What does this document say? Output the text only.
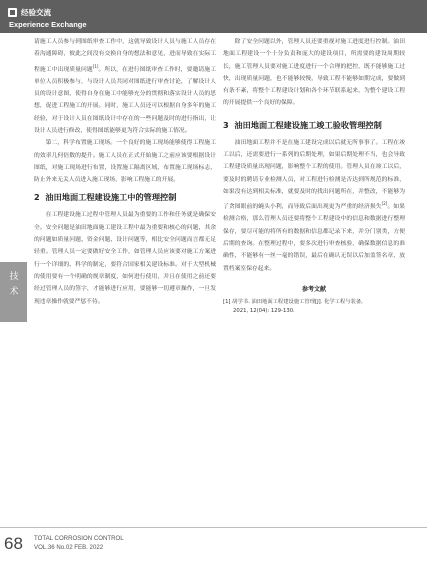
经验交流
Experience Exchange
技
术

请施工人员参与到图纸审查工作中，这就导致设计人员与施工人员存在着沟通障碍，彼此之间没有交换自身的想法和意见，进而导致在实际工程施工中出现质量问题[1]。所以，在进行图纸审查工作时，要邀请施工单位人员积极参与，与设计人员共同对图纸进行审查讨论，了解设计人员的设计意图，使得自身在施工中能够充分的贯彻和落实设计人员的思想，促进工程施工的开展。同时，施工人员还可以根据自身多年的施工经验，对于设计人员在图纸设计中存在的一些问题及时的进行指出，让设计人员进行修改，使得图纸能够更为符合实际的施工情况。

第二，科学布置施工现场。一个良好的施工现场能够使得工程施工的效率几何倍数的提升。施工人员在正式开始施工之前应该要根据设计图纸，对施工现场进行布置，设置施工隔离区域，布置施工现场标志，防止外来无关人员进入施工现场，影响工程施工的开展。

2 油田地面工程建设施工中的管理控制

在工程建设施工过程中管理人员最为重要的工作和任务就是确保安全。安全问题是油田地面施工建设工程中最为重要和核心的问题，其余的问题如质量问题、资金问题、设计问题等，相比安全问题而言都无足轻重。管理人员一定要做好安全工作，如管理人员应该要对施工方案进行一个详细的、科学的制定，要符合国家相关建设标准。对于大型机械的使用要有一个明确的规章制度，如何进行使用，并且在使用之前还要经过管理人员的签字，才能够进行应用，要能够一切遵章操作，一旦发现违章操作就要严惩不待。

除了安全问题以外，管理人员还要重视对施工进度进行控制。油田地面工程建设一个十分负责和庞大的建设项目，所需要的建设周期较长，施工管理人员要对施工进度进行一个合理的把控，既不能够施工过快，出现质量问题，也不能够较慢，导致工程不能够如期完成，要做到有条不紊，将整个工程建设计划和各个环节联系起来，为整个建设工程的开展提供一个良好的保障。

3 油田地面工程建设施工竣工验收管理控制

油田地面工程并不是在施工建设完成以后就无所事事了。工程在竣工以后，还需要进行一系列的后期处理，如果后期处理不当，也会导致工程建设质量出现问题，影响整个工程的使用。管理人员在竣工以后，要及时的聘请专业检测人员，对工程进行检测是否达到所规范的标准，如果没有达到相关标准，就要及时的找出问题所在，并整改，不能够为了贪图眼前的蝇头小利，而导致后面出现更为严重的经济损失[2]。如果检测合格，那么管理人员还要将整个工程建设中的信息和数据进行整理保存，要尽可能的将所有的数据和信息都记录下来，并分门别类，方便后期的查询。在整理过程中，要多次进行审查核验，确保数据信息的准确性，不能够有一丝一毫的错误，最后在确认无误以后加盖签名章，放置档案室保存起来。

参考文献
[1] 胡学书. 油田地面工程建设施工管理[J]. 化学工程与装备,
2021, 12(04): 129-130.
68 TOTAL CORROSION CONTROL
VOL.36 No.02 FEB. 2022
